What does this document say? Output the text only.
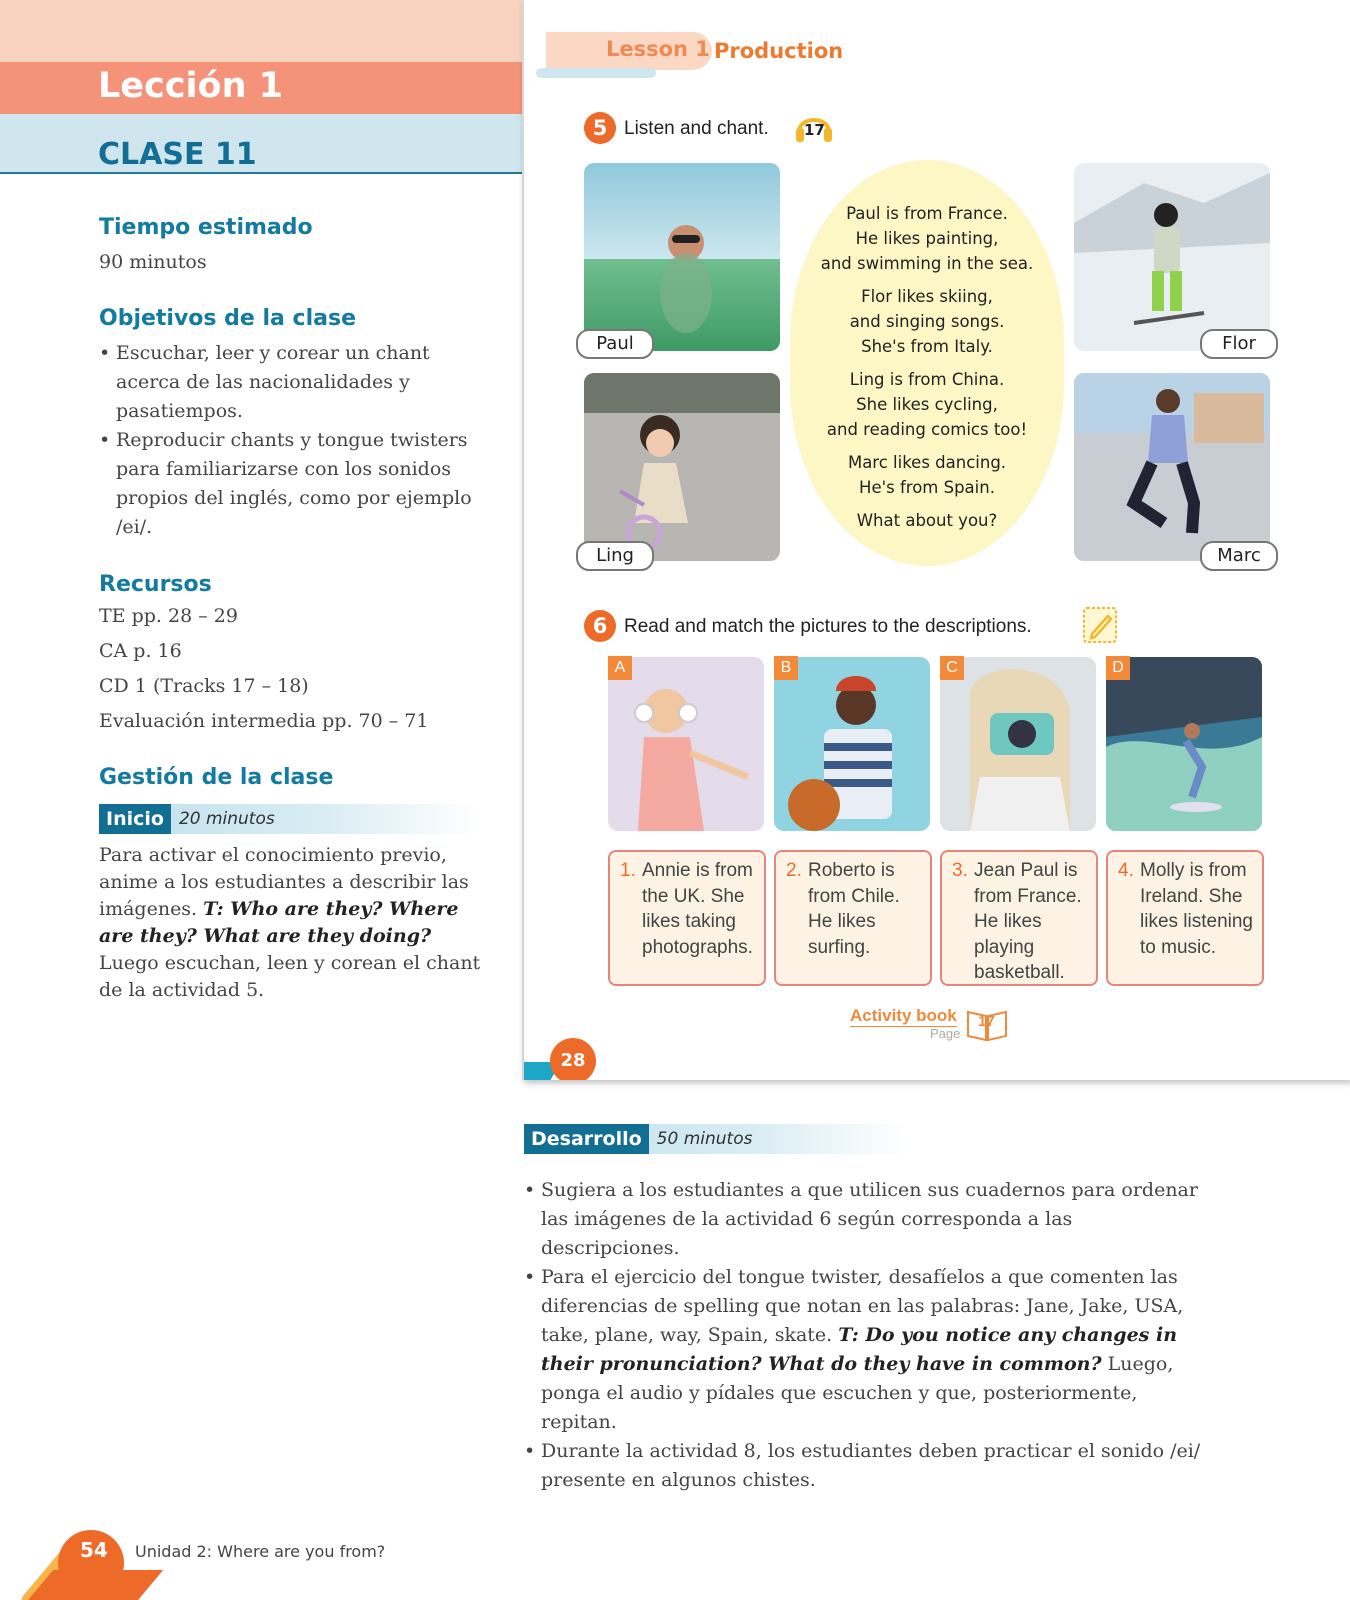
Lección 1
CLASE 11
Tiempo estimado
90 minutos
Objetivos de la clase
• Escuchar, leer y corear un chant acerca de las nacionalidades y pasatiempos.
• Reproducir chants y tongue twisters para familiarizarse con los sonidos propios del inglés, como por ejemplo /ei/.
Recursos
TE pp. 28 – 29
CA p. 16
CD 1 (Tracks 17 – 18)
Evaluación intermedia pp. 70 – 71
Gestión de la clase
Inicio 20 minutos
Para activar el conocimiento previo, anime a los estudiantes a describir las imágenes. T: Who are they? Where are they? What are they doing? Luego escuchan, leen y corean el chant de la actividad 5.
Lesson 1 Production
5 Listen and chant. 17
Paul
Ling
Paul is from France.
He likes painting,
and swimming in the sea.
Flor likes skiing,
and singing songs.
She's from Italy.
Ling is from China.
She likes cycling,
and reading comics too!
Marc likes dancing.
He's from Spain.
What about you?
Flor
Marc
6 Read and match the pictures to the descriptions.
A	B	C	D
1. Annie is from the UK. She likes taking photographs.
2. Roberto is from Chile. He likes surfing.
3. Jean Paul is from France. He likes playing basketball.
4. Molly is from Ireland. She likes listening to music.
Activity book
Page
17
28
Desarrollo 50 minutos
• Sugiera a los estudiantes a que utilicen sus cuadernos para ordenar las imágenes de la actividad 6 según corresponda a las descripciones.
• Para el ejercicio del tongue twister, desafíelos a que comenten las diferencias de spelling que notan en las palabras: Jane, Jake, USA, take, plane, way, Spain, skate. T: Do you notice any changes in their pronunciation? What do they have in common? Luego, ponga el audio y pídales que escuchen y que, posteriormente, repitan.
• Durante la actividad 8, los estudiantes deben practicar el sonido /ei/ presente en algunos chistes.
54 Unidad 2: Where are you from?
